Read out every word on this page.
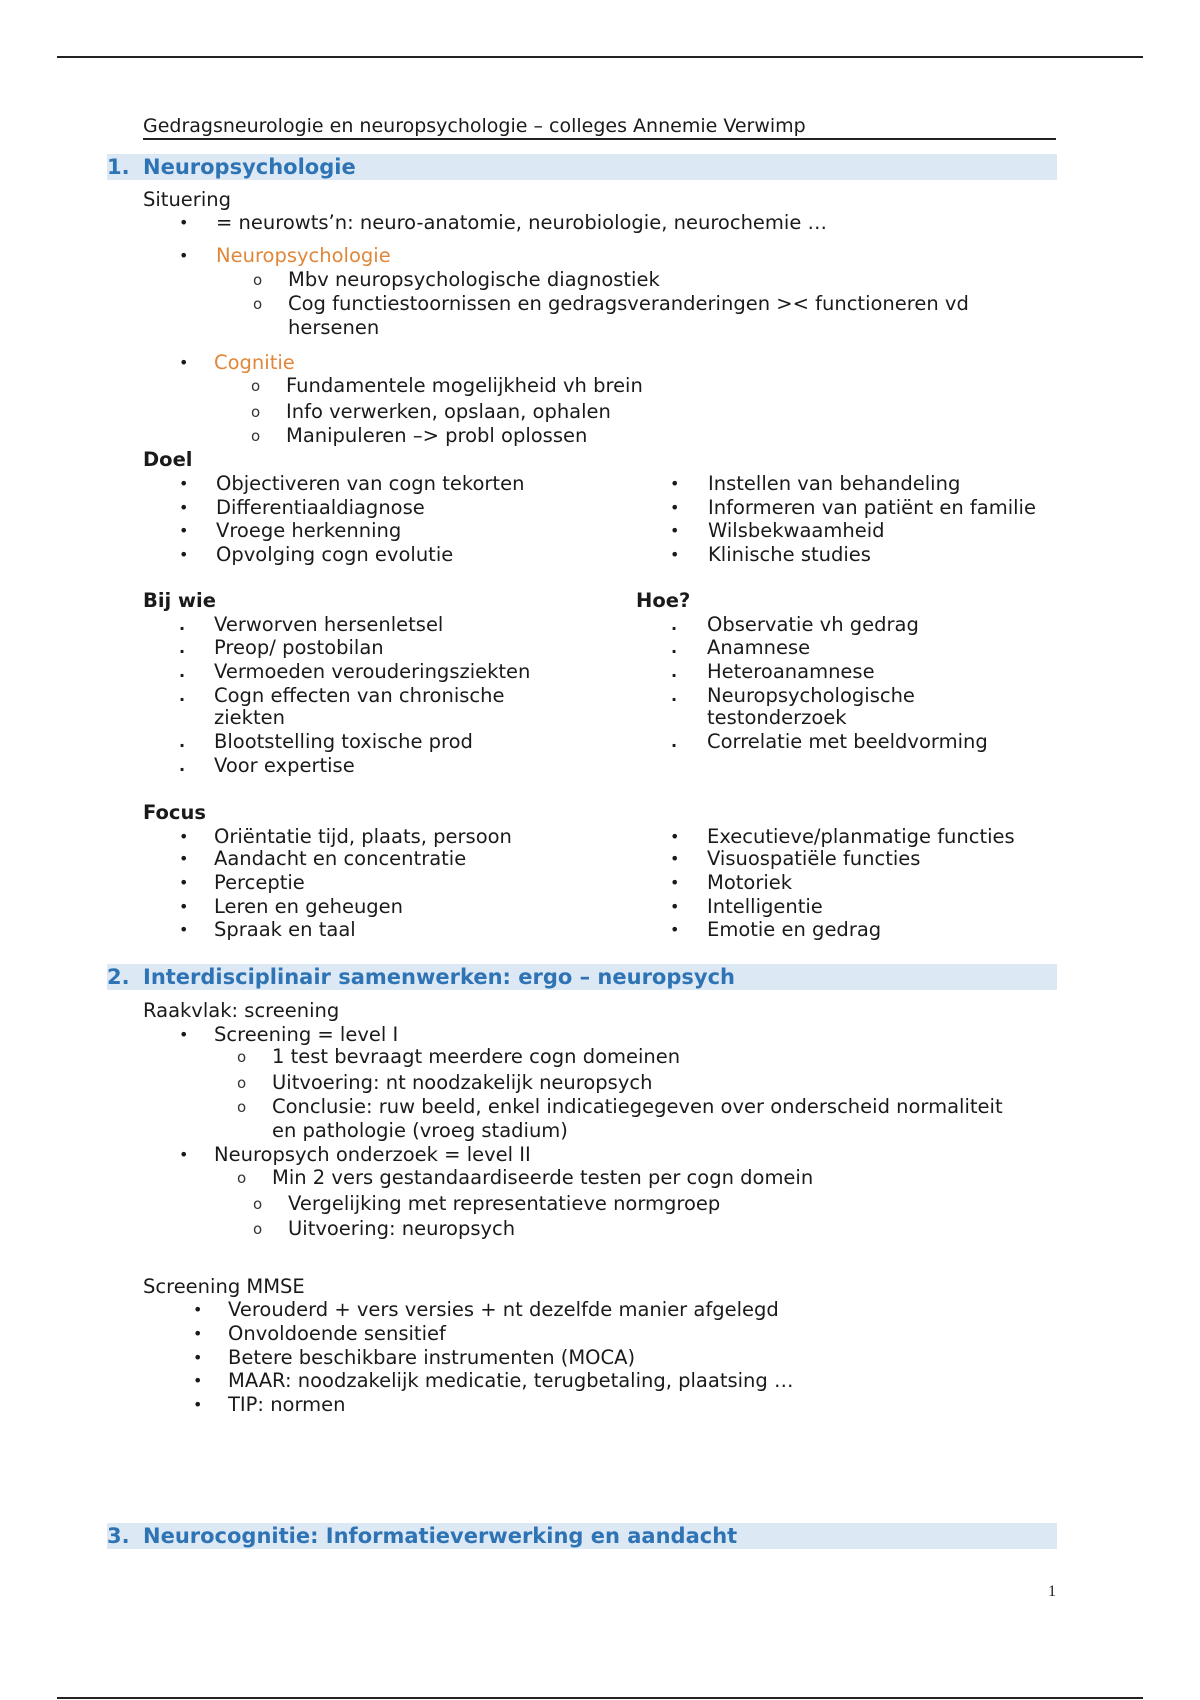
Gedragsneurologie en neuropsychologie – colleges Annemie Verwimp
1. Neuropsychologie
Situering
• = neurowts’n: neuro-anatomie, neurobiologie, neurochemie …
• Neuropsychologie
o Mbv neuropsychologische diagnostiek
o Cog functiestoornissen en gedragsveranderingen >< functioneren vd
hersenen
• Cognitie
o Fundamentele mogelijkheid vh brein
o Info verwerken, opslaan, ophalen
o Manipuleren –> probl oplossen
Doel
• Objectiveren van cogn tekorten
• Differentiaaldiagnose
• Vroege herkenning
• Opvolging cogn evolutie
• Instellen van behandeling
• Informeren van patiënt en familie
• Wilsbekwaamheid
• Klinische studies
Bij wie
. Verworven hersenletsel
. Preop/ postobilan
. Vermoeden verouderingsziekten
. Cogn effecten van chronische
ziekten
. Blootstelling toxische prod
. Voor expertise
Hoe?
. Observatie vh gedrag
. Anamnese
. Heteroanamnese
. Neuropsychologische
testonderzoek
. Correlatie met beeldvorming
Focus
• Oriëntatie tijd, plaats, persoon
• Aandacht en concentratie
• Perceptie
• Leren en geheugen
• Spraak en taal
• Executieve/planmatige functies
• Visuospatiële functies
• Motoriek
• Intelligentie
• Emotie en gedrag
2. Interdisciplinair samenwerken: ergo – neuropsych
Raakvlak: screening
• Screening = level I
o 1 test bevraagt meerdere cogn domeinen
o Uitvoering: nt noodzakelijk neuropsych
o Conclusie: ruw beeld, enkel indicatiegegeven over onderscheid normaliteit
en pathologie (vroeg stadium)
• Neuropsych onderzoek = level II
o Min 2 vers gestandaardiseerde testen per cogn domein
o Vergelijking met representatieve normgroep
o Uitvoering: neuropsych
Screening MMSE
• Verouderd + vers versies + nt dezelfde manier afgelegd
• Onvoldoende sensitief
• Betere beschikbare instrumenten (MOCA)
• MAAR: noodzakelijk medicatie, terugbetaling, plaatsing …
• TIP: normen
3. Neurocognitie: Informatieverwerking en aandacht
1
